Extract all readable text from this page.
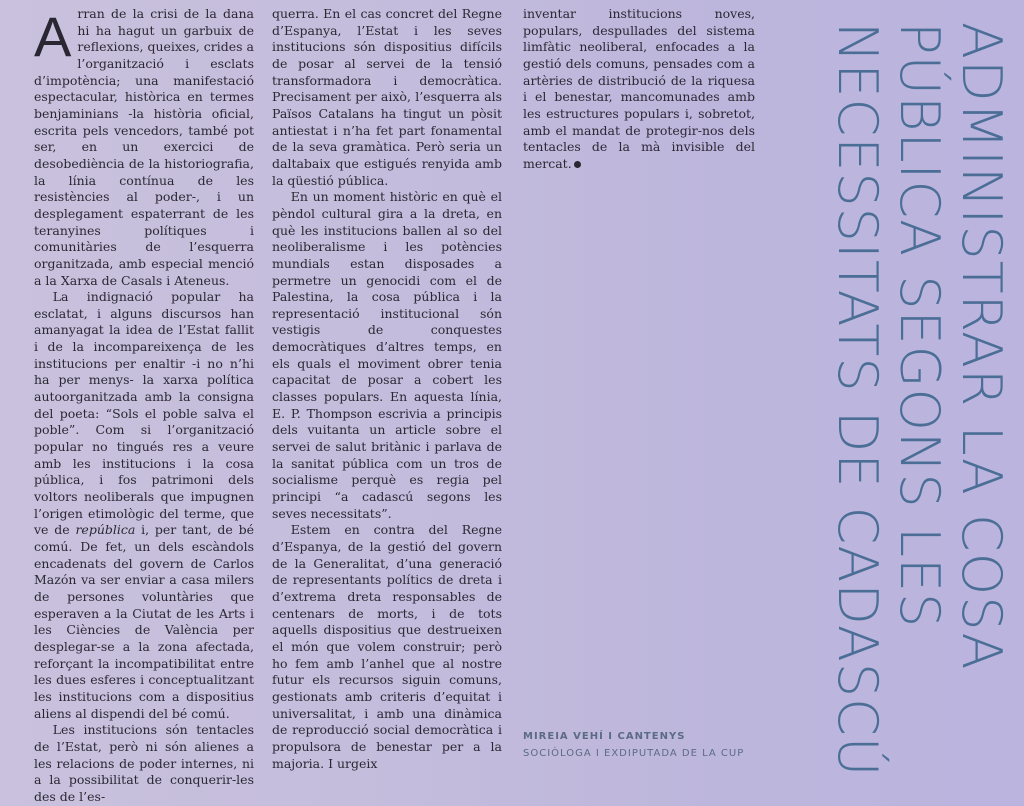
Arran de la crisi de la dana hi ha hagut un garbuix de reflexions, queixes, crides a l’organització i esclats d’impotència; una manifestació espectacular, històrica en termes benjaminians -la història oficial, escrita pels vencedors, també pot ser, en un exercici de desobediència de la historiografia, la línia contínua de les resistències al poder-, i un desplegament espaterrant de les teranyines polítiques i comunitàries de l’esquerra organitzada, amb especial menció a la Xarxa de Casals i Ateneus.

La indignació popular ha esclatat, i alguns discursos han amanyagat la idea de l’Estat fallit i de la incompareixença de les institucions per enaltir -i no n’hi ha per menys- la xarxa política autoorganitzada amb la consigna del poeta: “Sols el poble salva el poble”. Com si l’organització popular no tingués res a veure amb les institucions i la cosa pública, i fos patrimoni dels voltors neoliberals que impugnen l’origen etimològic del terme, que ve de república i, per tant, de bé comú. De fet, un dels escàndols encadenats del govern de Carlos Mazón va ser enviar a casa milers de persones voluntàries que esperaven a la Ciutat de les Arts i les Ciències de València per desplegar-se a la zona afectada, reforçant la incompatibilitat entre les dues esferes i conceptualitzant les institucions com a dispositius aliens al dispendi del bé comú.

Les institucions són tentacles de l’Estat, però ni són alienes a les relacions de poder internes, ni a la possibilitat de conquerir-les des de l’es-

querra. En el cas concret del Regne d’Espanya, l’Estat i les seves institucions són dispositius difícils de posar al servei de la tensió transformadora i democràtica. Precisament per això, l’esquerra als Països Catalans ha tingut un pòsit antiestat i n’ha fet part fonamental de la seva gramàtica. Però seria un daltabaix que estigués renyida amb la qüestió pública.

En un moment històric en què el pèndol cultural gira a la dreta, en què les institucions ballen al so del neoliberalisme i les potències mundials estan disposades a permetre un genocidi com el de Palestina, la cosa pública i la representació institucional són vestigis de conquestes democràtiques d’altres temps, en els quals el moviment obrer tenia capacitat de posar a cobert les classes populars. En aquesta línia, E. P. Thompson escrivia a principis dels vuitanta un article sobre el servei de salut britànic i parlava de la sanitat pública com un tros de socialisme perquè es regia pel principi “a cadascú segons les seves necessitats”.

Estem en contra del Regne d’Espanya, de la gestió del govern de la Generalitat, d’una generació de representants polítics de dreta i d’extrema dreta responsables de centenars de morts, i de tots aquells dispositius que destrueixen el món que volem construir; però ho fem amb l’anhel que al nostre futur els recursos siguin comuns, gestionats amb criteris d’equitat i universalitat, i amb una dinàmica de reproducció social democràtica i propulsora de benestar per a la majoria. I urgeix

inventar institucions noves, populars, despullades del sistema limfàtic neoliberal, enfocades a la gestió dels comuns, pensades com a artèries de distribució de la riquesa i el benestar, mancomunades amb les estructures populars i, sobretot, amb el mandat de protegir-nos dels tentacles de la mà invisible del mercat.

MIREIA VEHÍ I CANTENYS
SOCIÒLOGA I EXDIPUTADA DE LA CUP
ADMINISTRAR LA COSA
PÚBLICA SEGONS LES
NECESSITATS DE CADASCÚ
